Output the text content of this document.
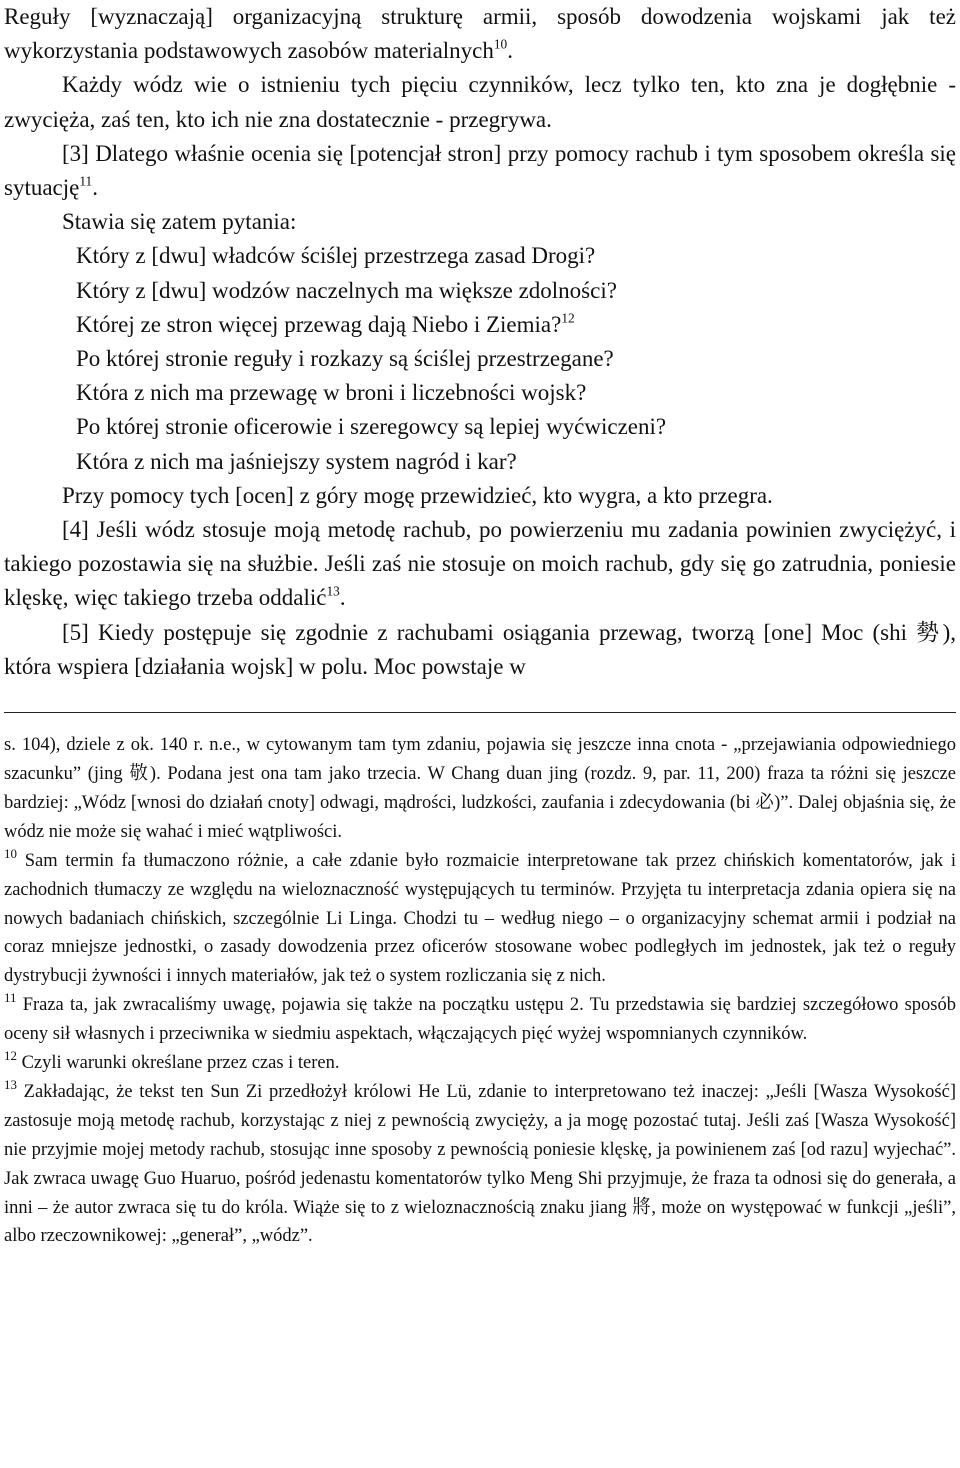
Reguły [wyznaczają] organizacyjną strukturę armii, sposób dowodzenia wojskami jak też wykorzystania podstawowych zasobów materialnych$^{10}$.

Każdy wódz wie o istnieniu tych pięciu czynników, lecz tylko ten, kto zna je dogłębnie - zwycięża, zaś ten, kto ich nie zna dostatecznie - przegrywa.

[3] Dlatego właśnie ocenia się [potencjał stron] przy pomocy rachub i tym sposobem określa się sytuację$^{11}$.

Stawia się zatem pytania:

Który z [dwu] władców ściślej przestrzega zasad Drogi?

Który z [dwu] wodzów naczelnych ma większe zdolności?

Której ze stron więcej przewag dają Niebo i Ziemia?$^{12}$

Po której stronie reguły i rozkazy są ściślej przestrzegane?

Która z nich ma przewagę w broni i liczebności wojsk?

Po której stronie oficerowie i szeregowcy są lepiej wyćwiczeni?

Która z nich ma jaśniejszy system nagród i kar?

Przy pomocy tych [ocen] z góry mogę przewidzieć, kto wygra, a kto przegra.

[4] Jeśli wódz stosuje moją metodę rachub, po powierzeniu mu zadania powinien zwyciężyć, i takiego pozostawia się na służbie. Jeśli zaś nie stosuje on moich rachub, gdy się go zatrudnia, poniesie klęskę, więc takiego trzeba oddalić$^{13}$.

[5] Kiedy postępuje się zgodnie z rachubami osiągania przewag, tworzą [one] Moc (shi 勢), która wspiera [działania wojsk] w polu. Moc powstaje w

s. 104), dziele z ok. 140 r. n.e., w cytowanym tam tym zdaniu, pojawia się jeszcze inna cnota - „przejawiania odpowiedniego szacunku” (jing 敬). Podana jest ona tam jako trzecia. W Chang duan jing (rozdz. 9, par. 11, 200) fraza ta różni się jeszcze bardziej: „Wódz [wnosi do działań cnoty] odwagi, mądrości, ludzkości, zaufania i zdecydowania (bi 必)”. Dalej objaśnia się, że wódz nie może się wahać i mieć wątpliwości.

$^{10}$ Sam termin fa tłumaczono różnie, a całe zdanie było rozmaicie interpretowane tak przez chińskich komentatorów, jak i zachodnich tłumaczy ze względu na wieloznaczność występujących tu terminów. Przyjęta tu interpretacja zdania opiera się na nowych badaniach chińskich, szczególnie Li Linga. Chodzi tu – według niego – o organizacyjny schemat armii i podział na coraz mniejsze jednostki, o zasady dowodzenia przez oficerów stosowane wobec podległych im jednostek, jak też o reguły dystrybucji żywności i innych materiałów, jak też o system rozliczania się z nich.

$^{11}$ Fraza ta, jak zwracaliśmy uwagę, pojawia się także na początku ustępu 2. Tu przedstawia się bardziej szczegółowo sposób oceny sił własnych i przeciwnika w siedmiu aspektach, włączających pięć wyżej wspomnianych czynników.

$^{12}$ Czyli warunki określane przez czas i teren.

$^{13}$ Zakładając, że tekst ten Sun Zi przedłożył królowi He Lü, zdanie to interpretowano też inaczej: „Jeśli [Wasza Wysokość] zastosuje moją metodę rachub, korzystając z niej z pewnością zwycięży, a ja mogę pozostać tutaj. Jeśli zaś [Wasza Wysokość] nie przyjmie mojej metody rachub, stosując inne sposoby z pewnością poniesie klęskę, ja powinienem zaś [od razu] wyjechać”. Jak zwraca uwagę Guo Huaruo, pośród jedenastu komentatorów tylko Meng Shi przyjmuje, że fraza ta odnosi się do generała, a inni – że autor zwraca się tu do króla. Wiąże się to z wieloznacznością znaku jiang 將, może on występować w funkcji „jeśli”, albo rzeczownikowej: „generał”, „wódz”.
